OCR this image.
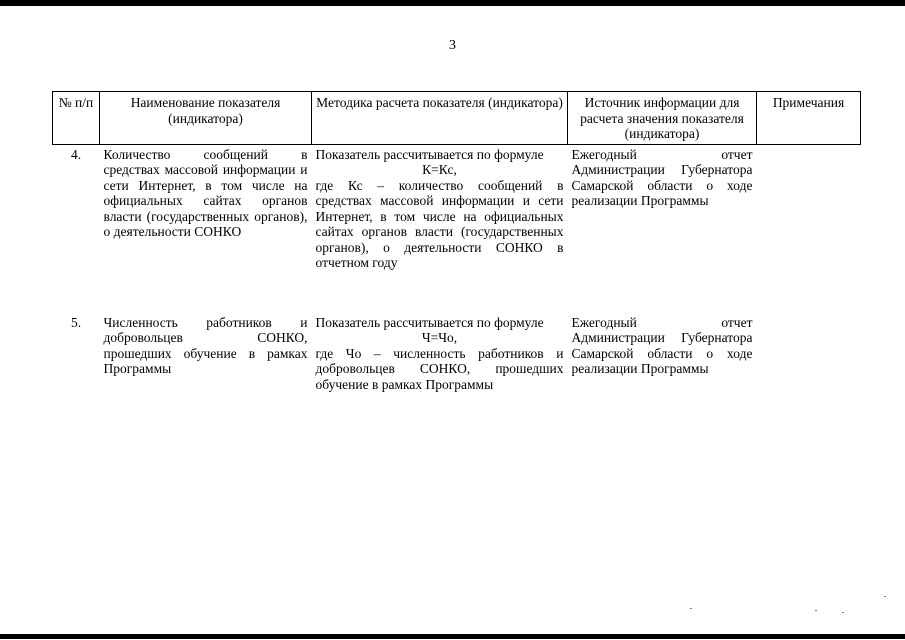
3
№ п/п	Наименование показателя (индикатора)	Методика расчета показателя (индикатора)	Источник информации для расчета значения показателя (индикатора)	Примечания
4.	Количество сообщений в средствах массовой информации и сети Интернет, в том числе на официальных сайтах органов власти (государственных органов), о деятельности СОНКО	Показатель рассчитывается по формуле
К=Кс,
где Кс – количество сообщений в средствах массовой информации и сети Интернет, в том числе на официальных сайтах органов власти (государственных органов), о деятельности СОНКО в отчетном году	Ежегодный отчет Администрации Губернатора Самарской области о ходе реализации Программы	
5.	Численность работников и добровольцев СОНКО, прошедших обучение в рамках Программы	Показатель рассчитывается по формуле
Ч=Чо,
где Чо – численность работников и добровольцев СОНКО, прошедших обучение в рамках Программы	Ежегодный отчет Администрации Губернатора Самарской области о ходе реализации Программы	
